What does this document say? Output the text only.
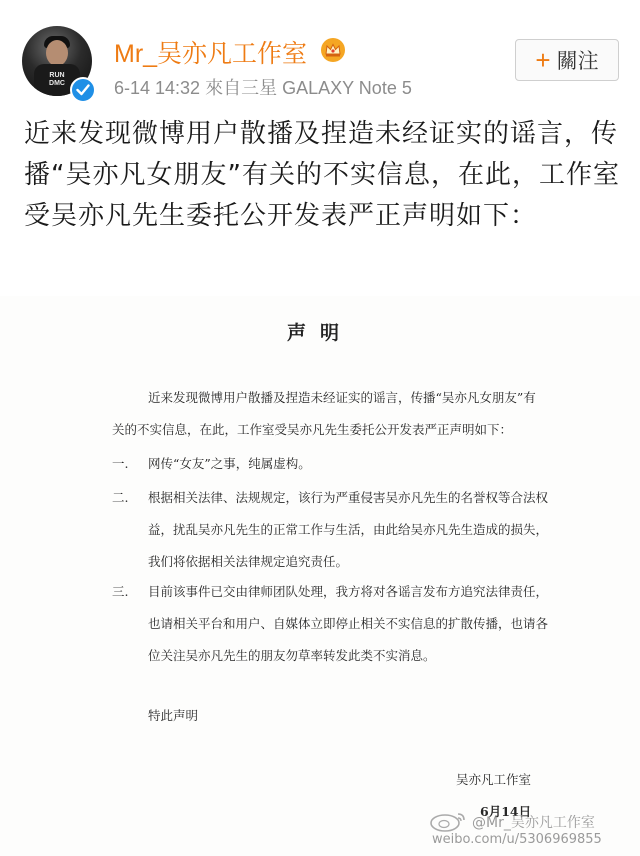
RUN
DMC
Mr_吴亦凡工作室
6-14 14:32 來自三星 GALAXY Note 5
+ 關注
近来发现微博用户散播及捏造未经证实的谣言，传播“吴亦凡女朋友”有关的不实信息，在此，工作室受吴亦凡先生委托公开发表严正声明如下：
声明
近来发现微博用户散播及捏造未经证实的谣言，传播“吴亦凡女朋友”有
关的不实信息，在此，工作室受吴亦凡先生委托公开发表严正声明如下：
一. 网传“女友”之事，纯属虚构。
二. 根据相关法律、法规规定，该行为严重侵害吴亦凡先生的名誉权等合法权
益，扰乱吴亦凡先生的正常工作与生活，由此给吴亦凡先生造成的损失，
我们将依据相关法律规定追究责任。
三. 目前该事件已交由律师团队处理，我方将对各谣言发布方追究法律责任，
也请相关平台和用户、自媒体立即停止相关不实信息的扩散传播，也请各
位关注吴亦凡先生的朋友勿草率转发此类不实消息。
特此声明
吴亦凡工作室
6月14日
@Mr_吴亦凡工作室
weibo.com/u/5306969855
